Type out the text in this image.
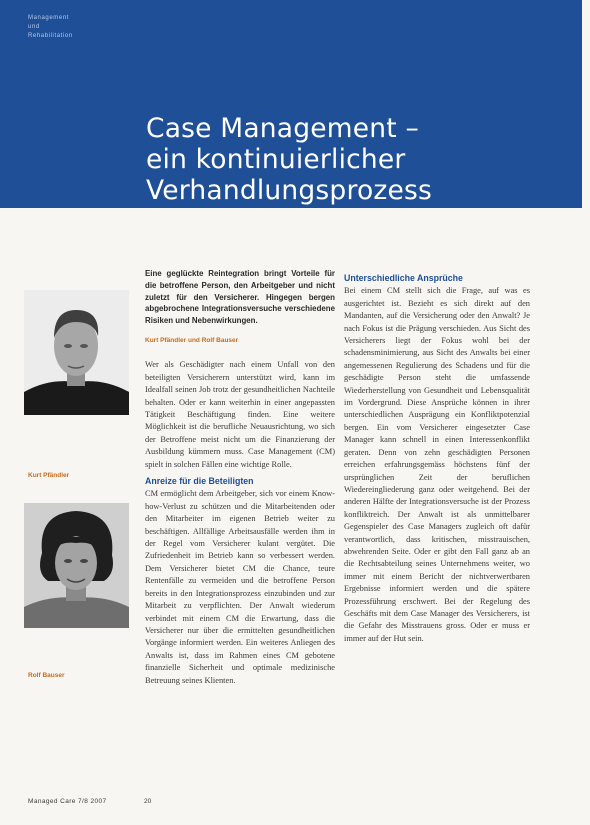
Management
und
Rehabilitation
Case Management –
ein kontinuierlicher
Verhandlungsprozess
Kurt Pfändler
Rolf Bauser

Eine geglückte Reintegration bringt Vorteile für die betroffene Person, den Arbeitgeber und nicht zuletzt für den Versicherer. Hingegen bergen abgebrochene Integrationsversuche verschiedene Risiken und Nebenwirkungen.

Kurt Pfändler und Rolf Bauser

Wer als Geschädigter nach einem Unfall von den beteiligten Versicherern unterstützt wird, kann im Idealfall seinen Job trotz der gesundheitlichen Nachteile behalten. Oder er kann weiterhin in einer angepassten Tätigkeit Beschäftigung finden. Eine weitere Möglichkeit ist die berufliche Neuausrichtung, wo sich der Betroffene meist nicht um die Finanzierung der Ausbildung kümmern muss. Case Management (CM) spielt in solchen Fällen eine wichtige Rolle.

Anreize für die Beteiligten

CM ermöglicht dem Arbeitgeber, sich vor einem Know-how-Verlust zu schützen und die Mitarbeitenden oder den Mitarbeiter im eigenen Betrieb weiter zu beschäftigen. Allfällige Arbeitsausfälle werden ihm in der Regel vom Versicherer kulant vergütet. Die Zufriedenheit im Betrieb kann so verbessert werden. Dem Versicherer bietet CM die Chance, teure Rentenfälle zu vermeiden und die betroffene Person bereits in den Integrationsprozess einzubinden und zur Mitarbeit zu verpflichten. Der Anwalt wiederum verbindet mit einem CM die Erwartung, dass die Versicherer nur über die ermittelten gesundheitlichen Vorgänge informiert werden. Ein weiteres Anliegen des Anwalts ist, dass im Rahmen eines CM gebotene finanzielle Sicherheit und optimale medizinische Betreuung seines Klienten.

Unterschiedliche Ansprüche

Bei einem CM stellt sich die Frage, auf was es ausgerichtet ist. Bezieht es sich direkt auf den Mandanten, auf die Versicherung oder den Anwalt? Je nach Fokus ist die Prägung verschieden. Aus Sicht des Versicherers liegt der Fokus wohl bei der schadensminimierung, aus Sicht des Anwalts bei einer angemessenen Regulierung des Schadens und für die geschädigte Person steht die umfassende Wiederherstellung von Gesundheit und Lebensqualität im Vordergrund. Diese Ansprüche können in ihrer unterschiedlichen Ausprägung ein Konfliktpotenzial bergen. Ein vom Versicherer eingesetzter Case Manager kann schnell in einen Interessenkonflikt geraten. Denn von zehn geschädigten Personen erreichen erfahrungsgemäss höchstens fünf der ursprünglichen Zeit der beruflichen Wiedereingliederung ganz oder weitgehend. Bei der anderen Hälfte der Integrationsversuche ist der Prozess konfliktreich. Der Anwalt ist als unmittelbarer Gegenspieler des Case Managers zugleich oft dafür verantwortlich, dass kritischen, misstrauischen, abwehrenden Seite. Oder er gibt den Fall ganz ab an die Rechtsabteilung seines Unternehmens weiter, wo immer mit einem Bericht der nichtverwertbaren Ergebnisse informiert werden und die spätere Prozessführung erschwert. Bei der Regelung des Geschäfts mit dem Case Manager des Versicherers, ist die Gefahr des Misstrauens gross. Oder er muss er immer auf der Hut sein.

Managed Care 7/8 2007	20
